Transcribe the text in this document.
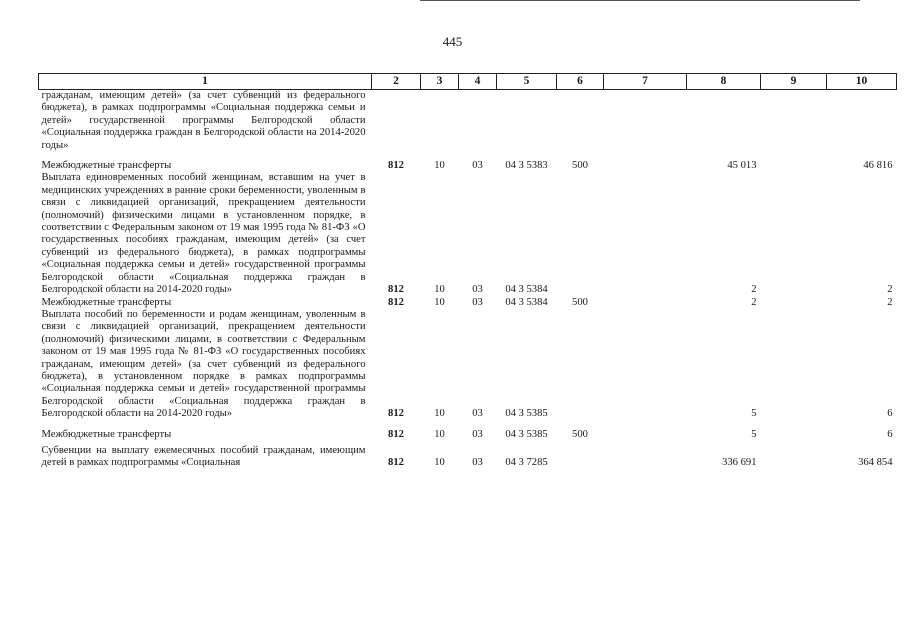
445
1	2	3	4	5	6	7	8	9	10
гражданам, имеющим детей» (за счет субвенций из федерального бюджета), в рамках подпрограммы «Социальная поддержка семьи и детей» государственной программы Белгородской области «Социальная поддержка граждан в Белгородской области на 2014-2020 годы»									

Межбюджетные трансферты	812	10	03	04 3 5383	500		45 013		46 816
Выплата единовременных пособий женщинам, вставшим на учет в медицинских учреждениях в ранние сроки беременности, уволенным в связи с ликвидацией организаций, прекращением деятельности (полномочий) физическими лицами в установленном порядке, в соответствии с Федеральным законом от 19 мая 1995 года № 81-ФЗ «О государственных пособиях гражданам, имеющим детей» (за счет субвенций из федерального бюджета), в рамках подпрограммы «Социальная поддержка семьи и детей» государственной программы Белгородской области «Социальная поддержка граждан в Белгородской области на 2014-2020 годы»	812	10	03	04 3 5384			2		2
Межбюджетные трансферты	812	10	03	04 3 5384	500		2		2
Выплата пособий по беременности и родам женщинам, уволенным в связи с ликвидацией организаций, прекращением деятельности (полномочий) физическими лицами, в соответствии с Федеральным законом от 19 мая 1995 года № 81-ФЗ «О государственных пособиях гражданам, имеющим детей» (за счет субвенций из федерального бюджета), в установленном порядке в рамках подпрограммы «Социальная поддержка семьи и детей» государственной программы Белгородской области «Социальная поддержка граждан в Белгородской области на 2014-2020 годы»	812	10	03	04 3 5385			5		6

Межбюджетные трансферты	812	10	03	04 3 5385	500		5		6

Субвенции на выплату ежемесячных пособий гражданам, имеющим детей в рамках подпрограммы «Социальная	812	10	03	04 3 7285			336 691		364 854
